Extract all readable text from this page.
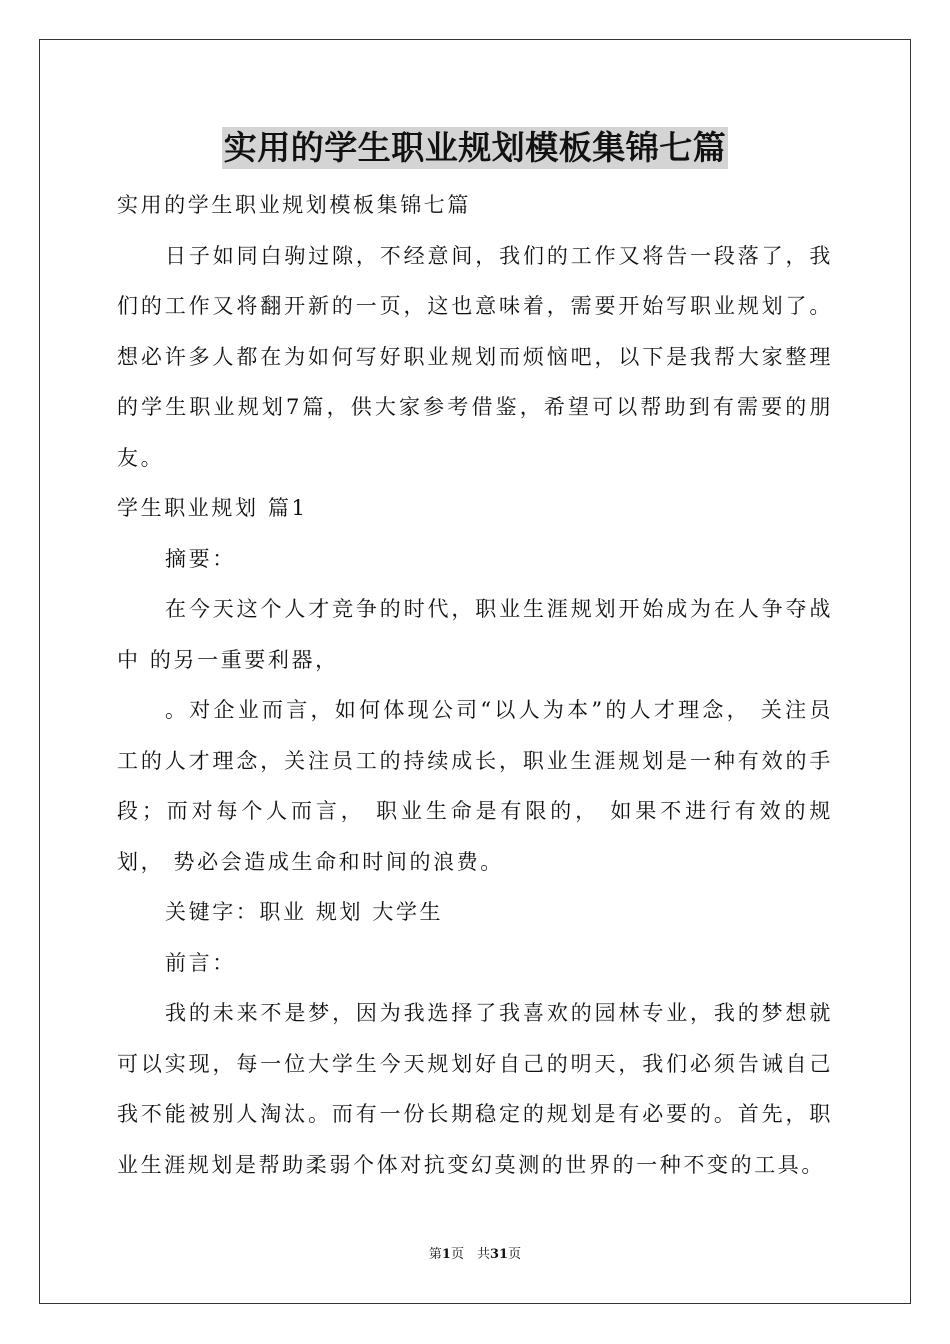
实用的学生职业规划模板集锦七篇

实用的学生职业规划模板集锦七篇

日子如同白驹过隙，不经意间，我们的工作又将告一段落了，我们的工作又将翻开新的一页，这也意味着，需要开始写职业规划了。想必许多人都在为如何写好职业规划而烦恼吧，以下是我帮大家整理的学生职业规划7篇，供大家参考借鉴，希望可以帮助到有需要的朋友。

学生职业规划 篇1

摘要：

在今天这个人才竞争的时代，职业生涯规划开始成为在人争夺战中 的另一重要利器，

。对企业而言，如何体现公司“以人为本”的人才理念， 关注员工的人才理念，关注员工的持续成长，职业生涯规划是一种有效的手段；而对每个人而言， 职业生命是有限的， 如果不进行有效的规划， 势必会造成生命和时间的浪费。

关键字：职业 规划 大学生

前言：

我的未来不是梦，因为我选择了我喜欢的园林专业，我的梦想就可以实现，每一位大学生今天规划好自己的明天，我们必须告诫自己我不能被别人淘汰。而有一份长期稳定的规划是有必要的。首先，职业生涯规划是帮助柔弱个体对抗变幻莫测的世界的一种不变的工具。

第1页　共31页
